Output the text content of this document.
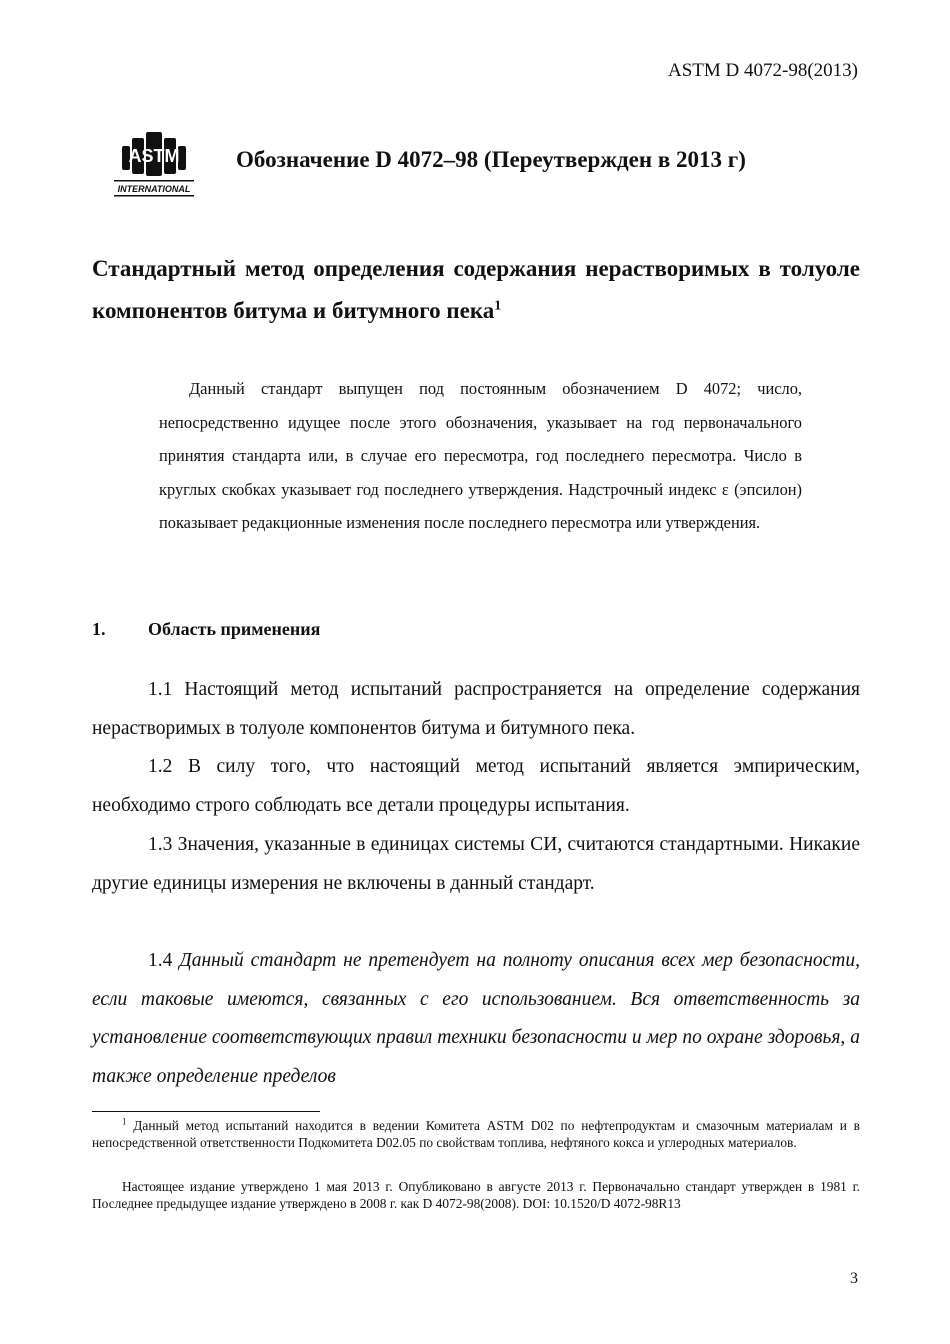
ASTM D 4072-98(2013)
ASTM
INTERNATIONAL
Обозначение D 4072–98 (Переутвержден в 2013 г)
Стандартный метод определения содержания нерастворимых в толуоле компонентов битума и битумного пека$^1$
Данный стандарт выпущен под постоянным обозначением D 4072; число, непосредственно идущее после этого обозначения, указывает на год первоначального принятия стандарта или, в случае его пересмотра, год последнего пересмотра. Число в круглых скобках указывает год последнего утверждения. Надстрочный индекс ε (эпсилон) показывает редакционные изменения после последнего пересмотра или утверждения.
1. Область применения
1.1 Настоящий метод испытаний распространяется на определение содержания нерастворимых в толуоле компонентов битума и битумного пека.
1.2 В силу того, что настоящий метод испытаний является эмпирическим, необходимо строго соблюдать все детали процедуры испытания.
1.3 Значения, указанные в единицах системы СИ, считаются стандартными. Никакие другие единицы измерения не включены в данный стандарт.
1.4 Данный стандарт не претендует на полноту описания всех мер безопасности, если таковые имеются, связанных с его использованием. Вся ответственность за установление соответствующих правил техники безопасности и мер по охране здоровья, а также определение пределов
$^1$ Данный метод испытаний находится в ведении Комитета ASTM D02 по нефтепродуктам и смазочным материалам и в непосредственной ответственности Подкомитета D02.05 по свойствам топлива, нефтяного кокса и углеродных материалов.
Настоящее издание утверждено 1 мая 2013 г. Опубликовано в августе 2013 г. Первоначально стандарт утвержден в 1981 г. Последнее предыдущее издание утверждено в 2008 г. как D 4072-98(2008). DOI: 10.1520/D 4072-98R13
3
